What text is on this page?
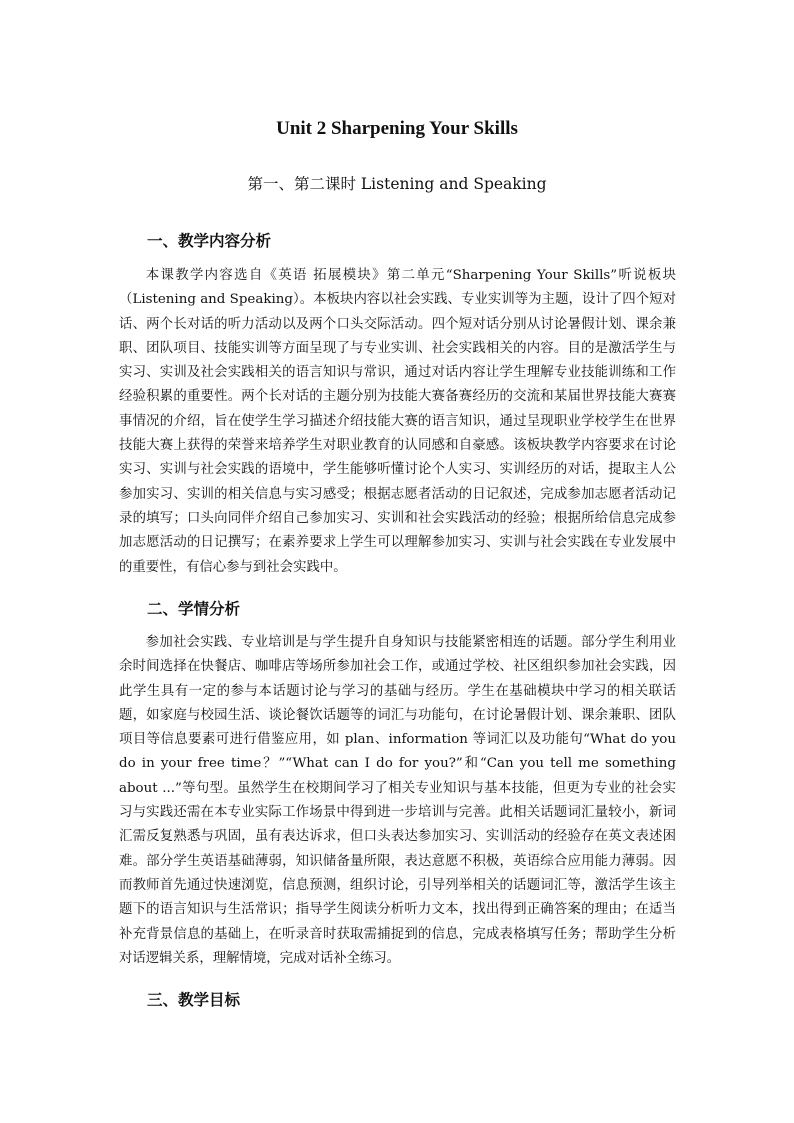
Unit 2 Sharpening Your Skills
第一、第二课时 Listening and Speaking
一、教学内容分析

本课教学内容选自《英语 拓展模块》第二单元“Sharpening Your Skills”听说板块（Listening and Speaking）。本板块内容以社会实践、专业实训等为主题，设计了四个短对话、两个长对话的听力活动以及两个口头交际活动。四个短对话分别从讨论暑假计划、课余兼职、团队项目、技能实训等方面呈现了与专业实训、社会实践相关的内容。目的是激活学生与实习、实训及社会实践相关的语言知识与常识，通过对话内容让学生理解专业技能训练和工作经验积累的重要性。两个长对话的主题分别为技能大赛备赛经历的交流和某届世界技能大赛赛事情况的介绍，旨在使学生学习描述介绍技能大赛的语言知识，通过呈现职业学校学生在世界技能大赛上获得的荣誉来培养学生对职业教育的认同感和自豪感。该板块教学内容要求在讨论实习、实训与社会实践的语境中，学生能够听懂讨论个人实习、实训经历的对话，提取主人公参加实习、实训的相关信息与实习感受；根据志愿者活动的日记叙述，完成参加志愿者活动记录的填写；口头向同伴介绍自己参加实习、实训和社会实践活动的经验；根据所给信息完成参加志愿活动的日记撰写；在素养要求上学生可以理解参加实习、实训与社会实践在专业发展中的重要性，有信心参与到社会实践中。

二、学情分析

参加社会实践、专业培训是与学生提升自身知识与技能紧密相连的话题。部分学生利用业余时间选择在快餐店、咖啡店等场所参加社会工作，或通过学校、社区组织参加社会实践，因此学生具有一定的参与本话题讨论与学习的基础与经历。学生在基础模块中学习的相关联话题，如家庭与校园生活、谈论餐饮话题等的词汇与功能句，在讨论暑假计划、课余兼职、团队项目等信息要素可进行借鉴应用，如 plan、information 等词汇以及功能句“What do you do in your free time？”“What can I do for you?”和“Can you tell me something about ...”等句型。虽然学生在校期间学习了相关专业知识与基本技能，但更为专业的社会实习与实践还需在本专业实际工作场景中得到进一步培训与完善。此相关话题词汇量较小，新词汇需反复熟悉与巩固，虽有表达诉求，但口头表达参加实习、实训活动的经验存在英文表述困难。部分学生英语基础薄弱，知识储备量所限，表达意愿不积极，英语综合应用能力薄弱。因而教师首先通过快速浏览，信息预测，组织讨论，引导列举相关的话题词汇等，激活学生该主题下的语言知识与生活常识；指导学生阅读分析听力文本，找出得到正确答案的理由；在适当补充背景信息的基础上，在听录音时获取需捕捉到的信息，完成表格填写任务；帮助学生分析对话逻辑关系，理解情境，完成对话补全练习。

三、教学目标
